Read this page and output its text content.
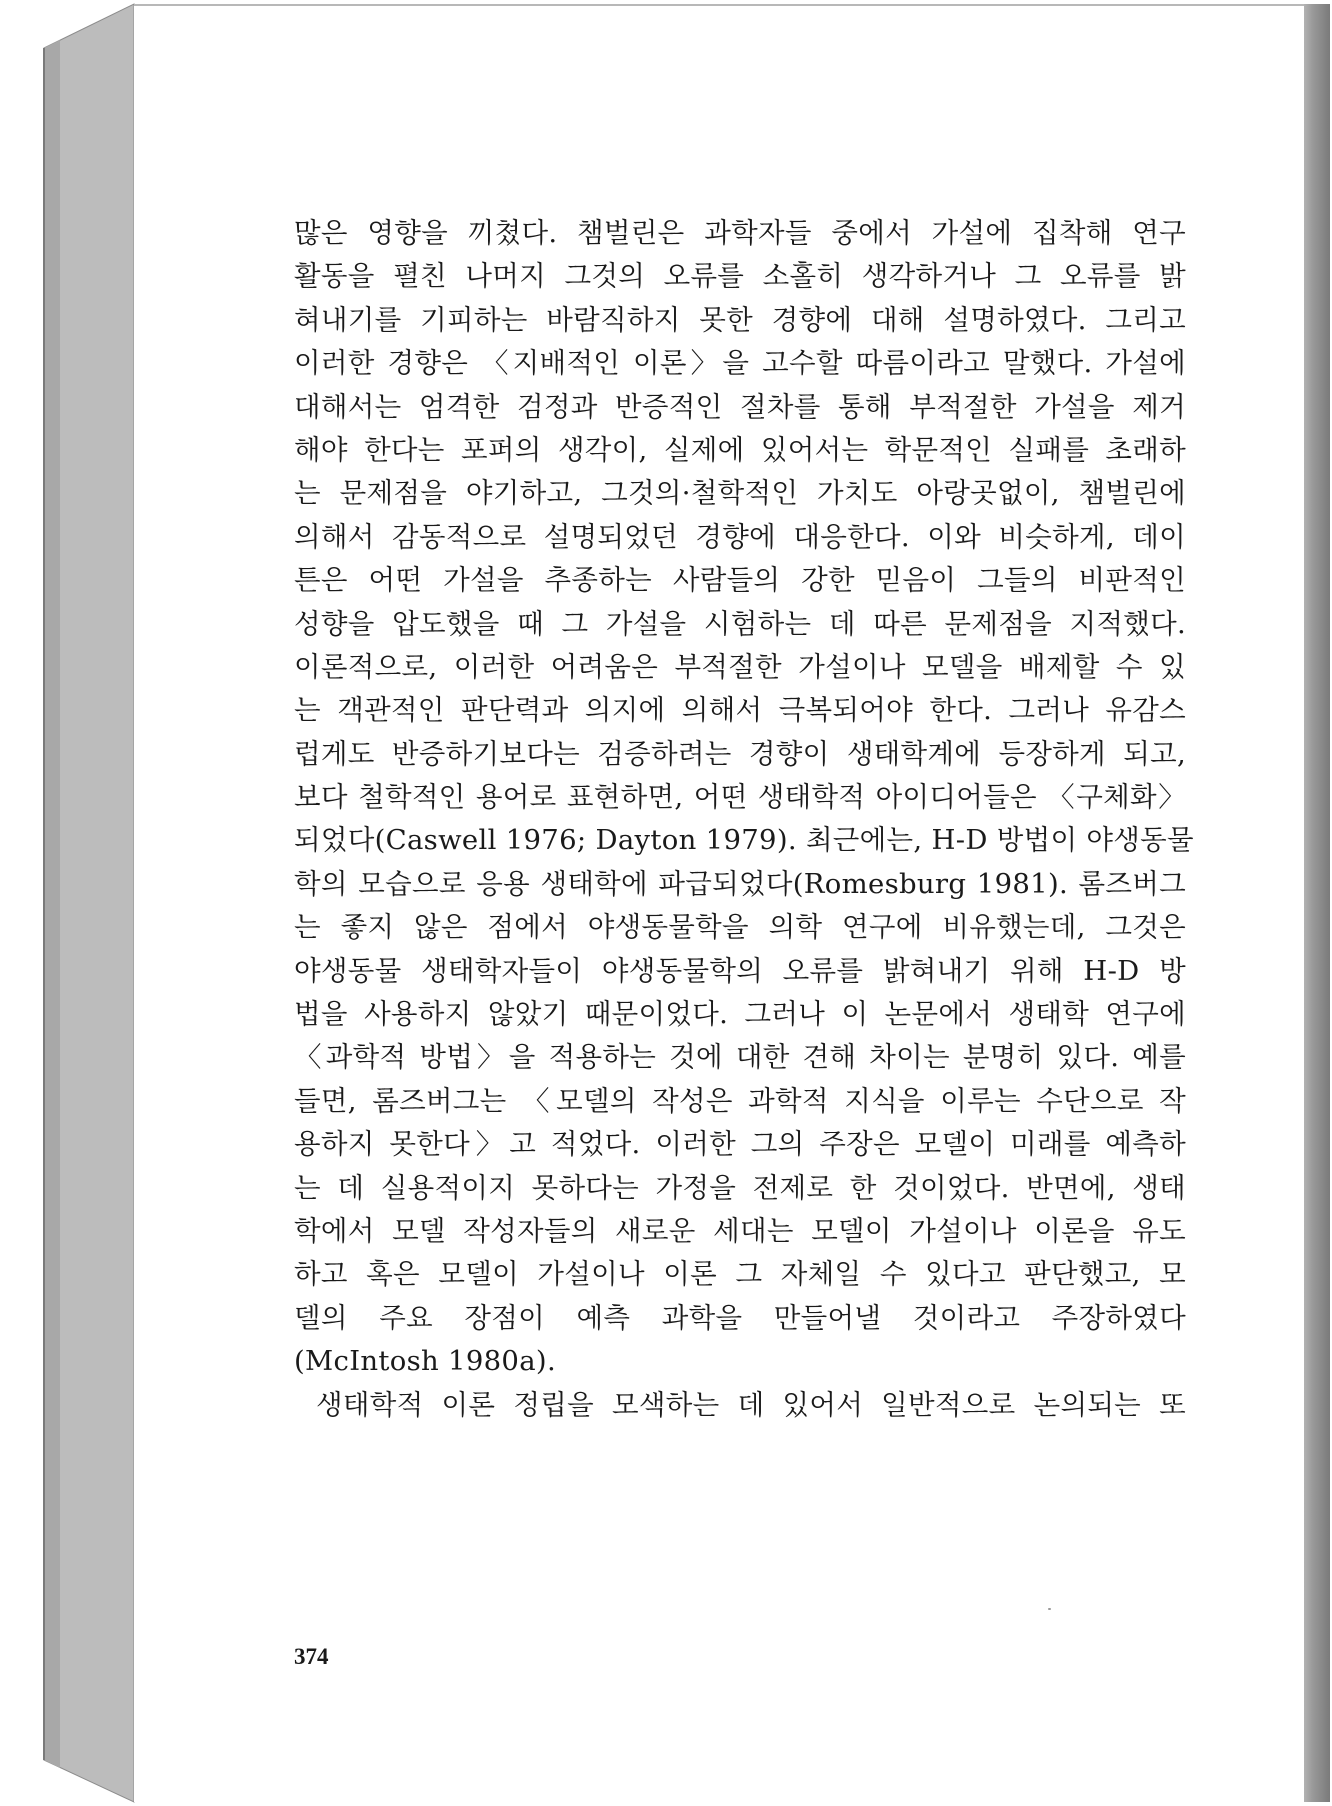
많은 영향을 끼쳤다. 챔벌린은 과학자들 중에서 가설에 집착해 연구
활동을 펼친 나머지 그것의 오류를 소홀히 생각하거나 그 오류를 밝
혀내기를 기피하는 바람직하지 못한 경향에 대해 설명하였다. 그리고
이러한 경향은 〈지배적인 이론〉을 고수할 따름이라고 말했다. 가설에
대해서는 엄격한 검정과 반증적인 절차를 통해 부적절한 가설을 제거
해야 한다는 포퍼의 생각이, 실제에 있어서는 학문적인 실패를 초래하
는 문제점을 야기하고, 그것의·철학적인 가치도 아랑곳없이, 챔벌린에
의해서 감동적으로 설명되었던 경향에 대응한다. 이와 비슷하게, 데이
튼은 어떤 가설을 추종하는 사람들의 강한 믿음이 그들의 비판적인
성향을 압도했을 때 그 가설을 시험하는 데 따른 문제점을 지적했다.
이론적으로, 이러한 어려움은 부적절한 가설이나 모델을 배제할 수 있
는 객관적인 판단력과 의지에 의해서 극복되어야 한다. 그러나 유감스
럽게도 반증하기보다는 검증하려는 경향이 생태학계에 등장하게 되고,
보다 철학적인 용어로 표현하면, 어떤 생태학적 아이디어들은 〈구체화〉
되었다(Caswell 1976; Dayton 1979). 최근에는, H-D 방법이 야생동물
학의 모습으로 응용 생태학에 파급되었다(Romesburg 1981). 롬즈버그
는 좋지 않은 점에서 야생동물학을 의학 연구에 비유했는데, 그것은
야생동물 생태학자들이 야생동물학의 오류를 밝혀내기 위해 H-D 방
법을 사용하지 않았기 때문이었다. 그러나 이 논문에서 생태학 연구에
〈과학적 방법〉을 적용하는 것에 대한 견해 차이는 분명히 있다. 예를
들면, 롬즈버그는 〈모델의 작성은 과학적 지식을 이루는 수단으로 작
용하지 못한다〉고 적었다. 이러한 그의 주장은 모델이 미래를 예측하
는 데 실용적이지 못하다는 가정을 전제로 한 것이었다. 반면에, 생태
학에서 모델 작성자들의 새로운 세대는 모델이 가설이나 이론을 유도
하고 혹은 모델이 가설이나 이론 그 자체일 수 있다고 판단했고, 모
델의 주요 장점이 예측 과학을 만들어낼 것이라고 주장하였다
(McIntosh 1980a).
생태학적 이론 정립을 모색하는 데 있어서 일반적으로 논의되는 또
374
